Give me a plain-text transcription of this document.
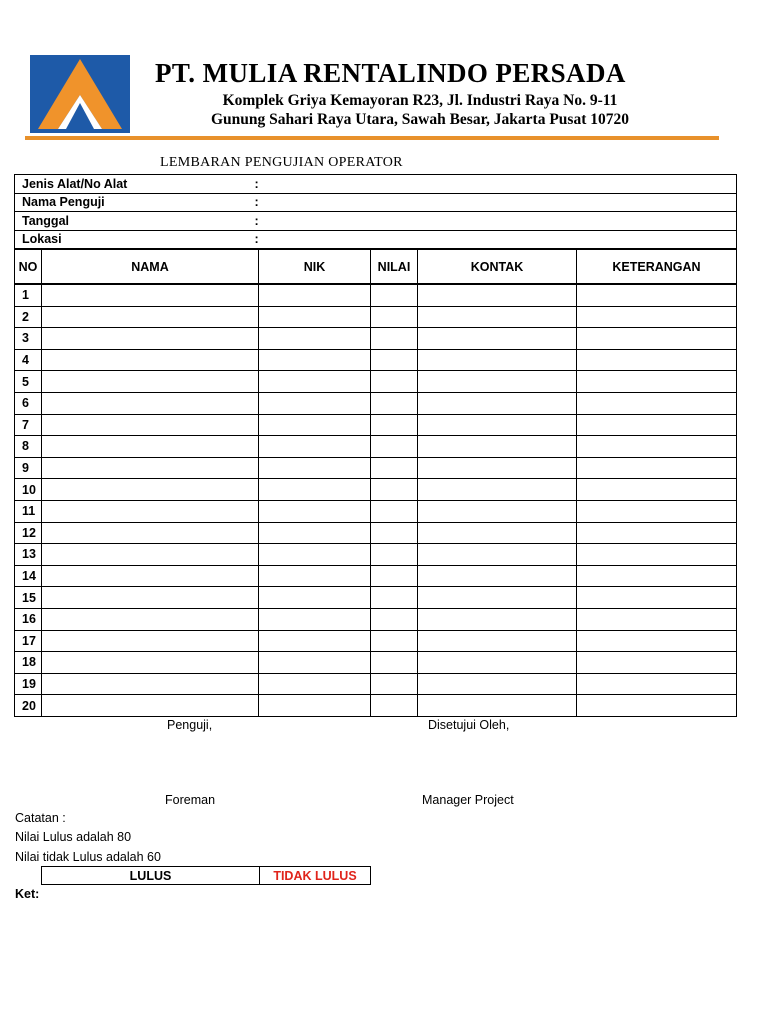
PT. MULIA RENTALINDO PERSADA
Komplek Griya Kemayoran R23, Jl. Industri Raya No. 9-11
Gunung Sahari Raya Utara, Sawah Besar, Jakarta Pusat 10720
LEMBARAN PENGUJIAN OPERATOR
Jenis Alat/No Alat	:
Nama Penguji	:
Tanggal	:
Lokasi	:
NO	NAMA	NIK	NILAI	KONTAK	KETERANGAN
1					
2					
3					
4					
5					
6					
7					
8					
9					
10					
11					
12					
13					
14					
15					
16					
17					
18					
19					
20					
Penguji,	Disetujui Oleh,
Foreman	Manager Project
Catatan :
Nilai Lulus adalah 80
Nilai tidak Lulus adalah 60
LULUS	TIDAK LULUS
Ket:
